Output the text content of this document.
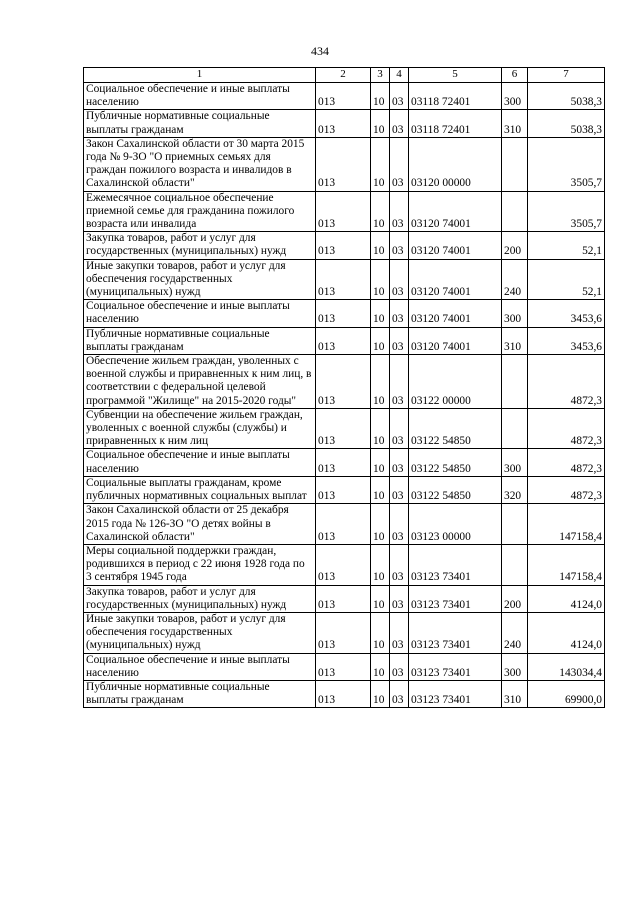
434
1	2	3	4	5	6	7
Социальное обеспечение и иные выплаты населению	013	10	03	03118 72401	300	5038,3
Публичные нормативные социальные выплаты гражданам	013	10	03	03118 72401	310	5038,3
Закон Сахалинской области от 30 марта 2015 года № 9-ЗО "О приемных семьях для граждан пожилого возраста и инвалидов в Сахалинской области"	013	10	03	03120 00000		3505,7
Ежемесячное социальное обеспечение приемной семье для гражданина пожилого возраста или инвалида	013	10	03	03120 74001		3505,7
Закупка товаров, работ и услуг для государственных (муниципальных) нужд	013	10	03	03120 74001	200	52,1
Иные закупки товаров, работ и услуг для обеспечения государственных (муниципальных) нужд	013	10	03	03120 74001	240	52,1
Социальное обеспечение и иные выплаты населению	013	10	03	03120 74001	300	3453,6
Публичные нормативные социальные выплаты гражданам	013	10	03	03120 74001	310	3453,6
Обеспечение жильем граждан, уволенных с военной службы и приравненных к ним лиц, в соответствии с федеральной целевой программой "Жилище" на 2015-2020 годы"	013	10	03	03122 00000		4872,3
Субвенции на обеспечение жильем граждан, уволенных с военной службы (службы) и приравненных к ним лиц	013	10	03	03122 54850		4872,3
Социальное обеспечение и иные выплаты населению	013	10	03	03122 54850	300	4872,3
Социальные выплаты гражданам, кроме публичных нормативных социальных выплат	013	10	03	03122 54850	320	4872,3
Закон Сахалинской области от 25 декабря 2015 года № 126-ЗО "О детях войны в Сахалинской области"	013	10	03	03123 00000		147158,4
Меры социальной поддержки граждан, родившихся в период с 22 июня 1928 года по 3 сентября 1945 года	013	10	03	03123 73401		147158,4
Закупка товаров, работ и услуг для государственных (муниципальных) нужд	013	10	03	03123 73401	200	4124,0
Иные закупки товаров, работ и услуг для обеспечения государственных (муниципальных) нужд	013	10	03	03123 73401	240	4124,0
Социальное обеспечение и иные выплаты населению	013	10	03	03123 73401	300	143034,4
Публичные нормативные социальные выплаты гражданам	013	10	03	03123 73401	310	69900,0
